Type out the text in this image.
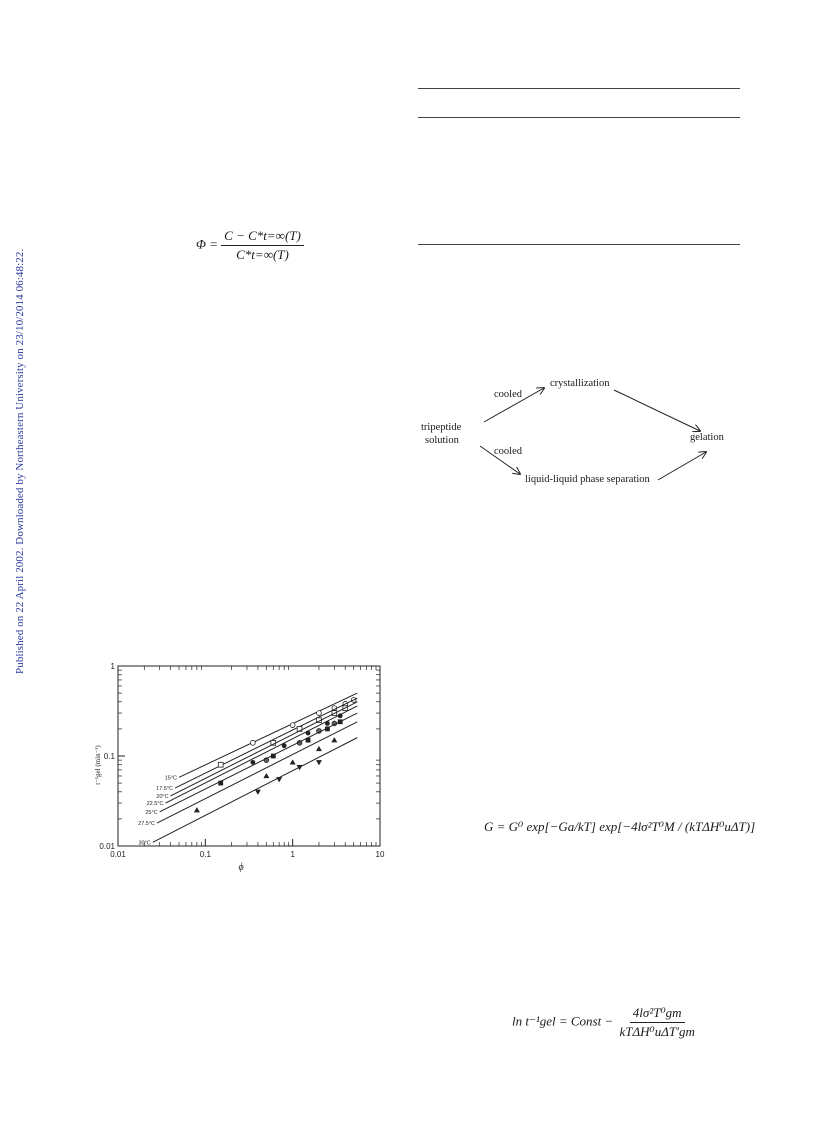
Published on 22 April 2002. Downloaded by Northeastern University on 23/10/2014 06:48:22.
$\Phi = \frac{C - C*t=\infty(T)}{C*t=\infty(T)}$
cooled
crystallization
tripeptide
solution
cooled
gelation
liquid-liquid phase separation
0.01	0.1	1	10
0.01
0.1
1
ϕ
t⁻¹gel (min⁻¹)	15°C
17.5°C
20°C
22.5°C
25°C
27.5°C
30°C
G = G⁰ exp[−Ga/kT] exp[−4lσ²T⁰M / (kTΔH⁰uΔT)]
ln t⁻¹gel = Const − $\frac{\text{4lσ²T⁰gm}}{\text{kTΔH⁰uΔT′gm}}$
